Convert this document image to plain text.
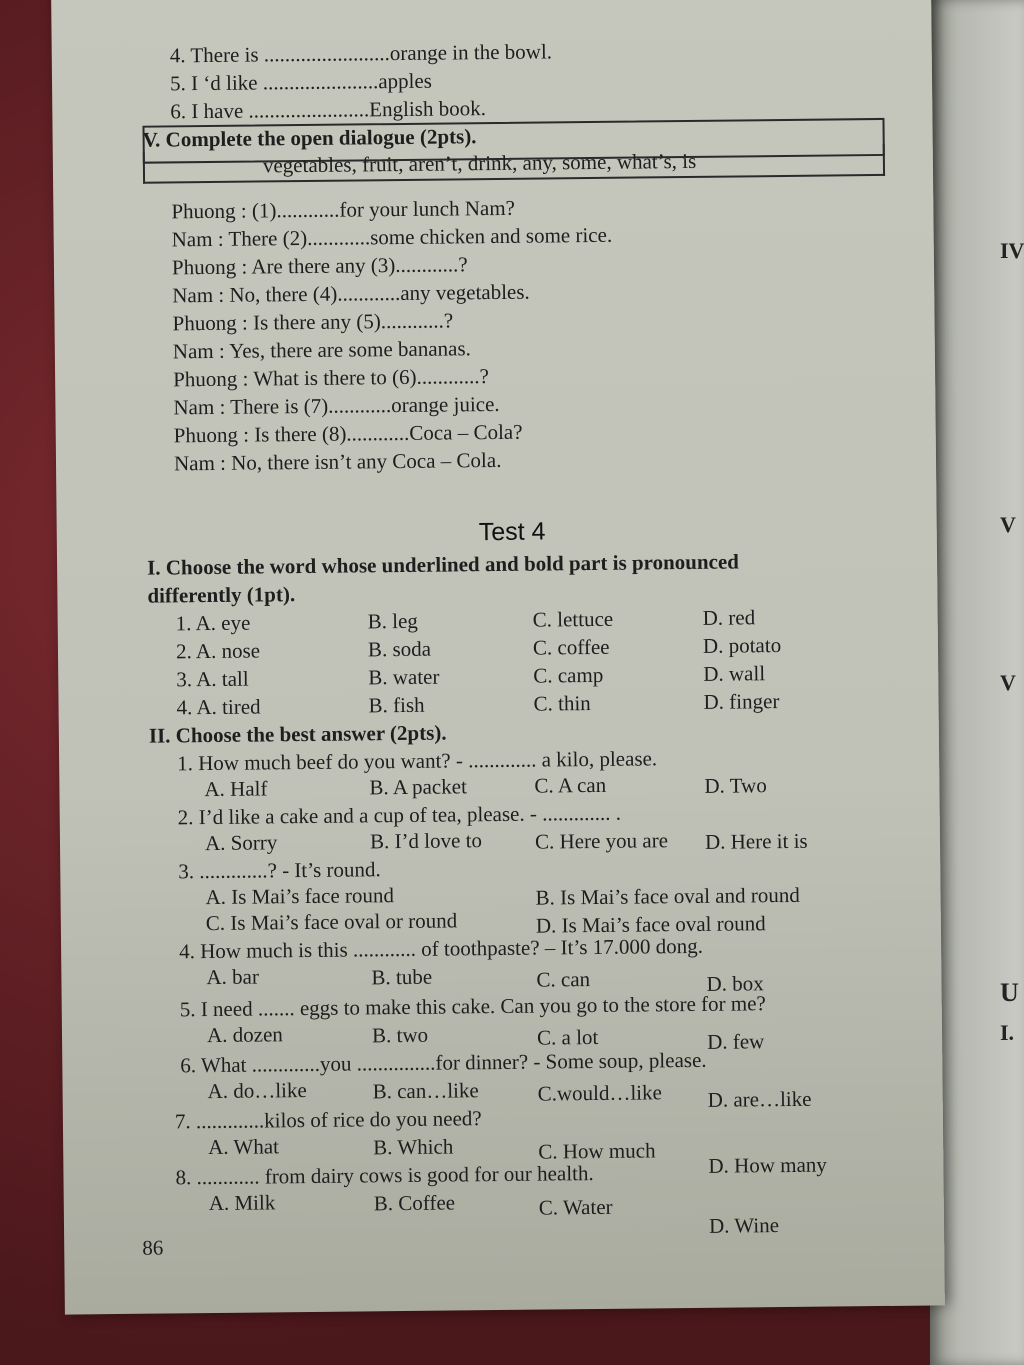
IV
V
V
U
I.
4. There is ........................orange in the bowl.
5. I ‘d like ......................apples
6. I have .......................English book.
V. Complete the open dialogue (2pts).
vegetables, fruit, aren’t, drink, any, some, what’s, is
Phuong : (1)............for your lunch Nam?
Nam : There (2)............some chicken and some rice.
Phuong : Are there any (3)............?
Nam : No, there (4)............any vegetables.
Phuong : Is there any (5)............?
Nam : Yes, there are some bananas.
Phuong : What is there to (6)............?
Nam : There is (7)............orange juice.
Phuong : Is there (8)............Coca – Cola?
Nam : No, there isn’t any Coca – Cola.
Test 4
I. Choose the word whose underlined and bold part is pronounced
differently (1pt).
1. A. eye	B. leg	C. lettuce	D. red
2. A. nose	B. soda	C. coffee	D. potato
3. A. tall	B. water	C. camp	D. wall
4. A. tired	B. fish	C. thin	D. finger
II. Choose the best answer (2pts).
1. How much beef do you want? - ............. a kilo, please.
A. Half	B. A packet	C. A can	D. Two
2. I’d like a cake and a cup of tea, please. - ............. .
A. Sorry	B. I’d love to	C. Here you are D. Here it is
3. .............? - It’s round.
A. Is Mai’s face round	B. Is Mai’s face oval and round
C. Is Mai’s face oval or round	D. Is Mai’s face oval round
4. How much is this ............ of toothpaste? – It’s 17.000 dong.
A. bar	B. tube	C. can	D. box
5. I need ....... eggs to make this cake. Can you go to the store for me?
A. dozen	B. two	C. a lot	D. few
6. What .............you ...............for dinner? - Some soup, please.
A. do…like	B. can…like	C.would…like D. are…like
7. .............kilos of rice do you need?
A. What	B. Which	C. How much
D. How many
8. ............ from dairy cows is good for our health.
A. Milk	B. Coffee	C. Water
D. Wine
86
